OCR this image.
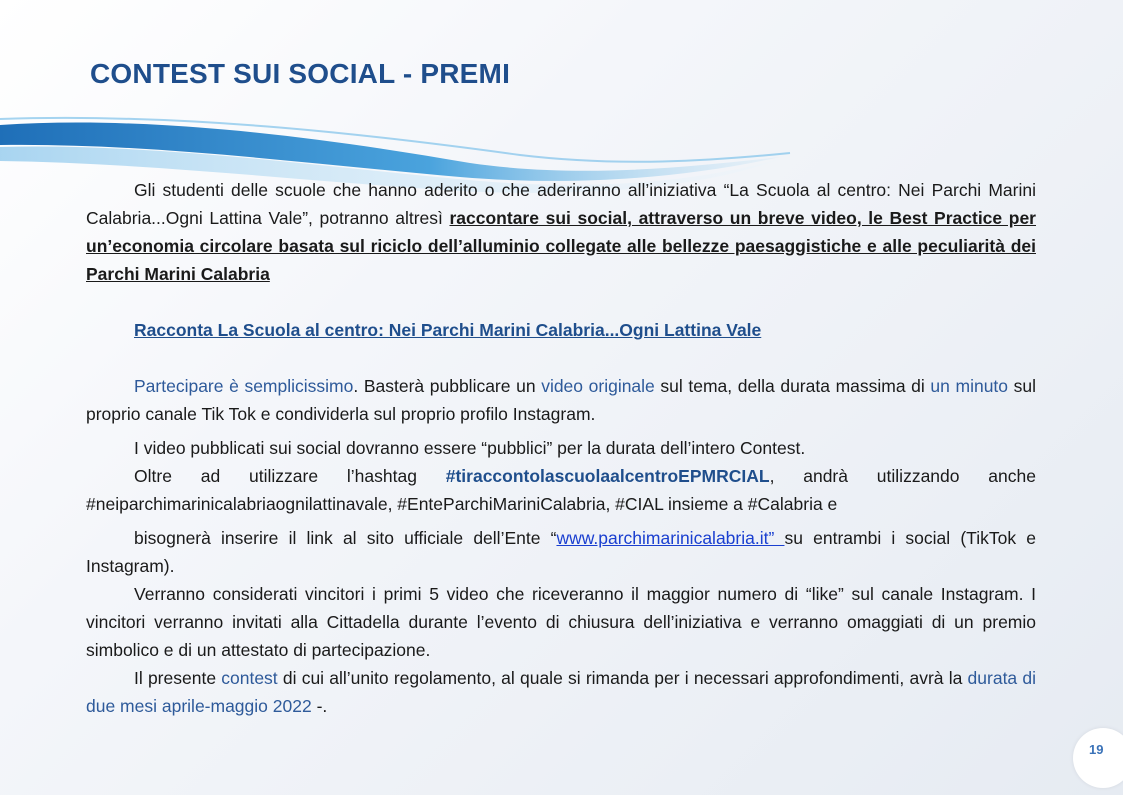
CONTEST SUI SOCIAL - PREMI

Gli studenti delle scuole che hanno aderito o che aderiranno all’iniziativa “La Scuola al centro: Nei Parchi Marini Calabria...Ogni Lattina Vale”, potranno altresì raccontare sui social, attraverso un breve video, le Best Practice per un’economia circolare basata sul riciclo dell’alluminio collegate alle bellezze paesaggistiche e alle peculiarità dei Parchi Marini Calabria

Racconta La Scuola al centro: Nei Parchi Marini Calabria...Ogni Lattina Vale

Partecipare è semplicissimo. Basterà pubblicare un video originale sul tema, della durata massima di un minuto sul proprio canale Tik Tok e condividerla sul proprio profilo Instagram.

I video pubblicati sui social dovranno essere “pubblici” per la durata dell’intero Contest.

Oltre ad utilizzare l’hashtag #tiraccontolascuolaalcentroEPMRCIAL, andrà utilizzando anche #neiparchimarinicalabriaognilattinavale, #EnteParchiMariniCalabria, #CIAL insieme a #Calabria e

bisognerà inserire il link al sito ufficiale dell’Ente “www.parchimarinicalabria.it” su entrambi i social (TikTok e Instagram).

Verranno considerati vincitori i primi 5 video che riceveranno il maggior numero di “like” sul canale Instagram. I vincitori verranno invitati alla Cittadella durante l’evento di chiusura dell’iniziativa e verranno omaggiati di un premio simbolico e di un attestato di partecipazione.

Il presente contest di cui all’unito regolamento, al quale si rimanda per i necessari approfondimenti, avrà la durata di due mesi aprile-maggio 2022 -.

19
